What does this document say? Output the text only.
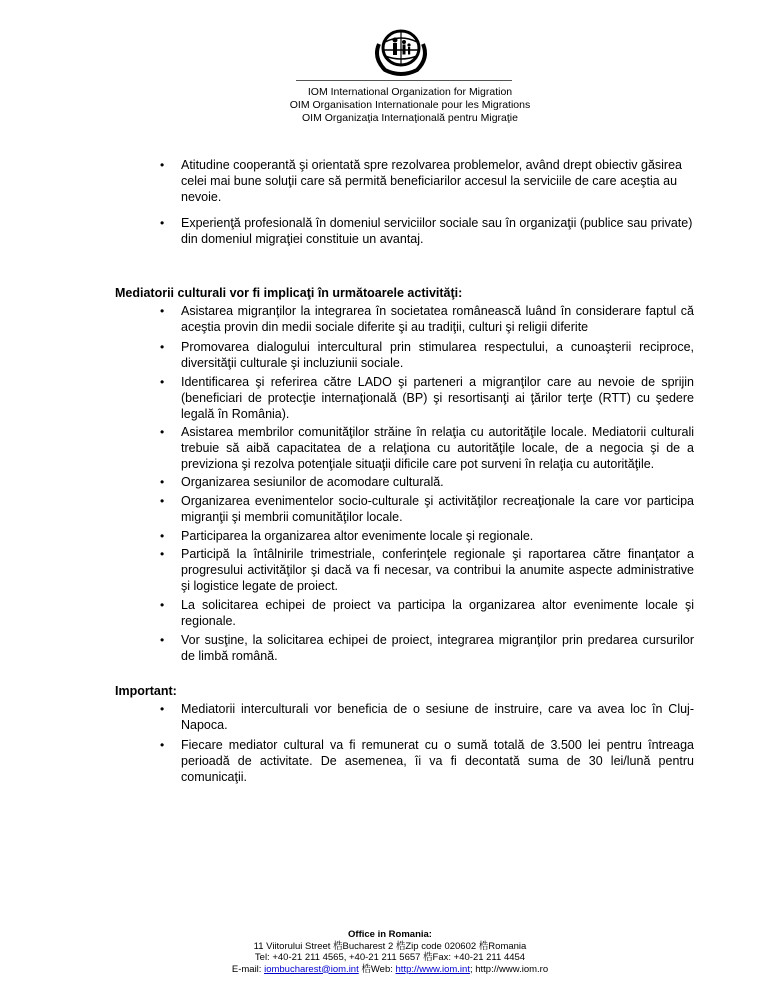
IOM International Organization for Migration
OIM Organisation Internationale pour les Migrations
OIM Organizaţia Internaţională pentru Migraţie
•	Atitudine cooperantă şi orientată spre rezolvarea problemelor, având drept obiectiv găsirea celei mai bune soluţii care să permită beneficiarilor accesul la serviciile de care aceştia au nevoie.
•	Experienţă profesională în domeniul serviciilor sociale sau în organizaţii (publice sau private) din domeniul migraţiei constituie un avantaj.
Mediatorii culturali vor fi implicaţi în următoarele activităţi:
•	Asistarea migranţilor la integrarea în societatea românească luând în considerare faptul că aceştia provin din medii sociale diferite şi au tradiţii, culturi şi religii diferite
•	Promovarea dialogului intercultural prin stimularea respectului, a cunoaşterii reciproce, diversităţii culturale şi incluziunii sociale.
•	Identificarea şi referirea către LADO şi parteneri a migranţilor care au nevoie de sprijin (beneficiari de protecţie internaţională (BP) şi resortisanţi ai ţărilor terţe (RTT) cu şedere legală în România).
•	Asistarea membrilor comunităţilor străine în relaţia cu autorităţile locale. Mediatorii culturali trebuie să aibă capacitatea de a relaţiona cu autorităţile locale, de a negocia şi de a previziona şi rezolva potenţiale situaţii dificile care pot surveni în relaţia cu autorităţile.
•	Organizarea sesiunilor de acomodare culturală.
•	Organizarea evenimentelor socio-culturale şi activităţilor recreaţionale la care vor participa migranţii şi membrii comunităţilor locale.
•	Participarea la organizarea altor evenimente locale şi regionale.
•	Participă la întâlnirile trimestriale, conferinţele regionale şi raportarea către finanţator a progresului activităţilor şi dacă va fi necesar, va contribui la anumite aspecte administrative şi logistice legate de proiect.
•	La solicitarea echipei de proiect va participa la organizarea altor evenimente locale şi regionale.
•	Vor susţine, la solicitarea echipei de proiect, integrarea migranţilor prin predarea cursurilor de limbă română.
Important:
•	Mediatorii interculturali vor beneficia de o sesiune de instruire, care va avea loc în Cluj-Napoca.
•	Fiecare mediator cultural va fi remunerat cu o sumă totală de 3.500 lei pentru întreaga perioadă de activitate. De asemenea, îi va fi decontată suma de 30 lei/lună pentru comunicaţii.
Office in Romania:
11 Viitorului Street 梏Bucharest 2 梏Zip code 020602 梏Romania
Tel: +40-21 211 4565, +40-21 211 5657 梏Fax: +40-21 211 4454
E-mail: iombucharest@iom.int 梏Web: http://www.iom.int; http://www.iom.ro
